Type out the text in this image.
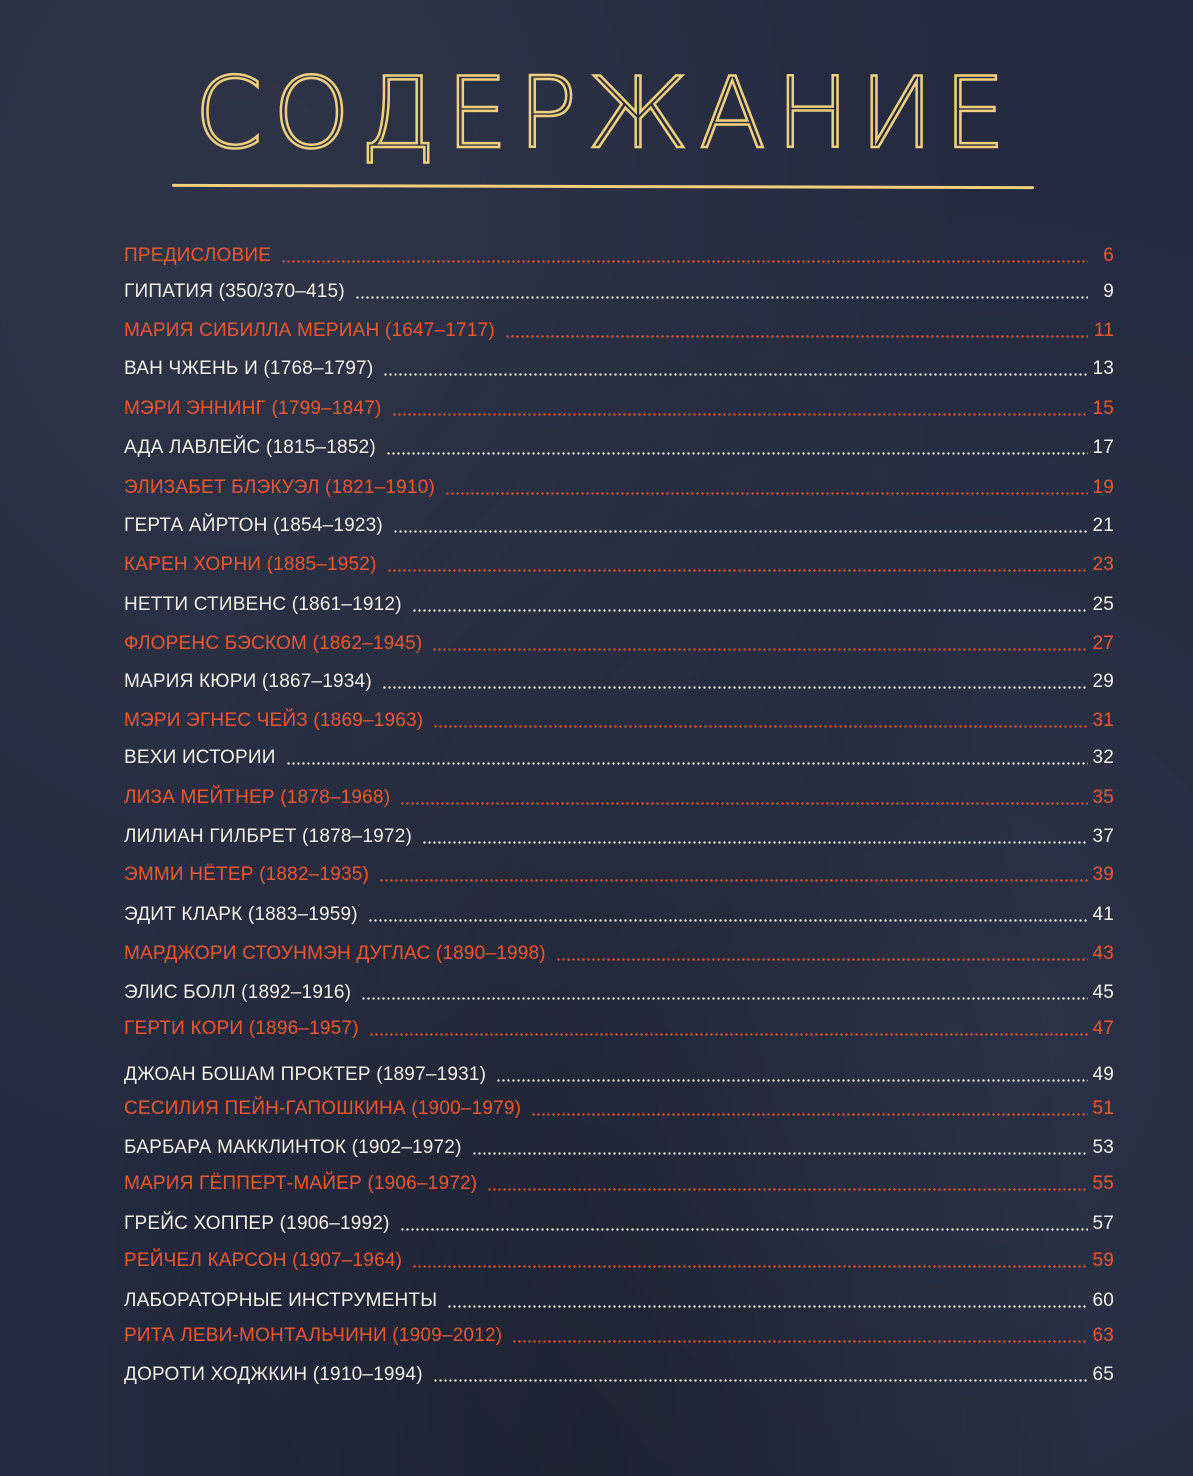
СОДЕРЖАНИЕ
ПРЕДИСЛОВИЕ	6
ГИПАТИЯ (350/370–415)	9
МАРИЯ СИБИЛЛА МЕРИАН (1647–1717)	11
ВАН ЧЖЕНЬ И (1768–1797)	13
МЭРИ ЭННИНГ (1799–1847)	15
АДА ЛАВЛЕЙС (1815–1852)	17
ЭЛИЗАБЕТ БЛЭКУЭЛ (1821–1910)	19
ГЕРТА АЙРТОН (1854–1923)	21
КАРЕН ХОРНИ (1885–1952)	23
НЕТТИ СТИВЕНС (1861–1912)	25
ФЛОРЕНС БЭСКОМ (1862–1945)	27
МАРИЯ КЮРИ (1867–1934)	29
МЭРИ ЭГНЕС ЧЕЙЗ (1869–1963)	31
ВЕХИ ИСТОРИИ	32
ЛИЗА МЕЙТНЕР (1878–1968)	35
ЛИЛИАН ГИЛБРЕТ (1878–1972)	37
ЭММИ НЁТЕР (1882–1935)	39
ЭДИТ КЛАРК (1883–1959)	41
МАРДЖОРИ СТОУНМЭН ДУГЛАС (1890–1998)	43
ЭЛИС БОЛЛ (1892–1916)	45
ГЕРТИ КОРИ (1896–1957)	47
ДЖОАН БОШАМ ПРОКТЕР (1897–1931)	49
СЕСИЛИЯ ПЕЙН-ГАПОШКИНА (1900–1979)	51
БАРБАРА МАККЛИНТОК (1902–1972)	53
МАРИЯ ГЁППЕРТ-МАЙЕР (1906–1972)	55
ГРЕЙС ХОППЕР (1906–1992)	57
РЕЙЧЕЛ КАРСОН (1907–1964)	59
ЛАБОРАТОРНЫЕ ИНСТРУМЕНТЫ	60
РИТА ЛЕВИ-МОНТАЛЬЧИНИ (1909–2012)	63
ДОРОТИ ХОДЖКИН (1910–1994)	65
